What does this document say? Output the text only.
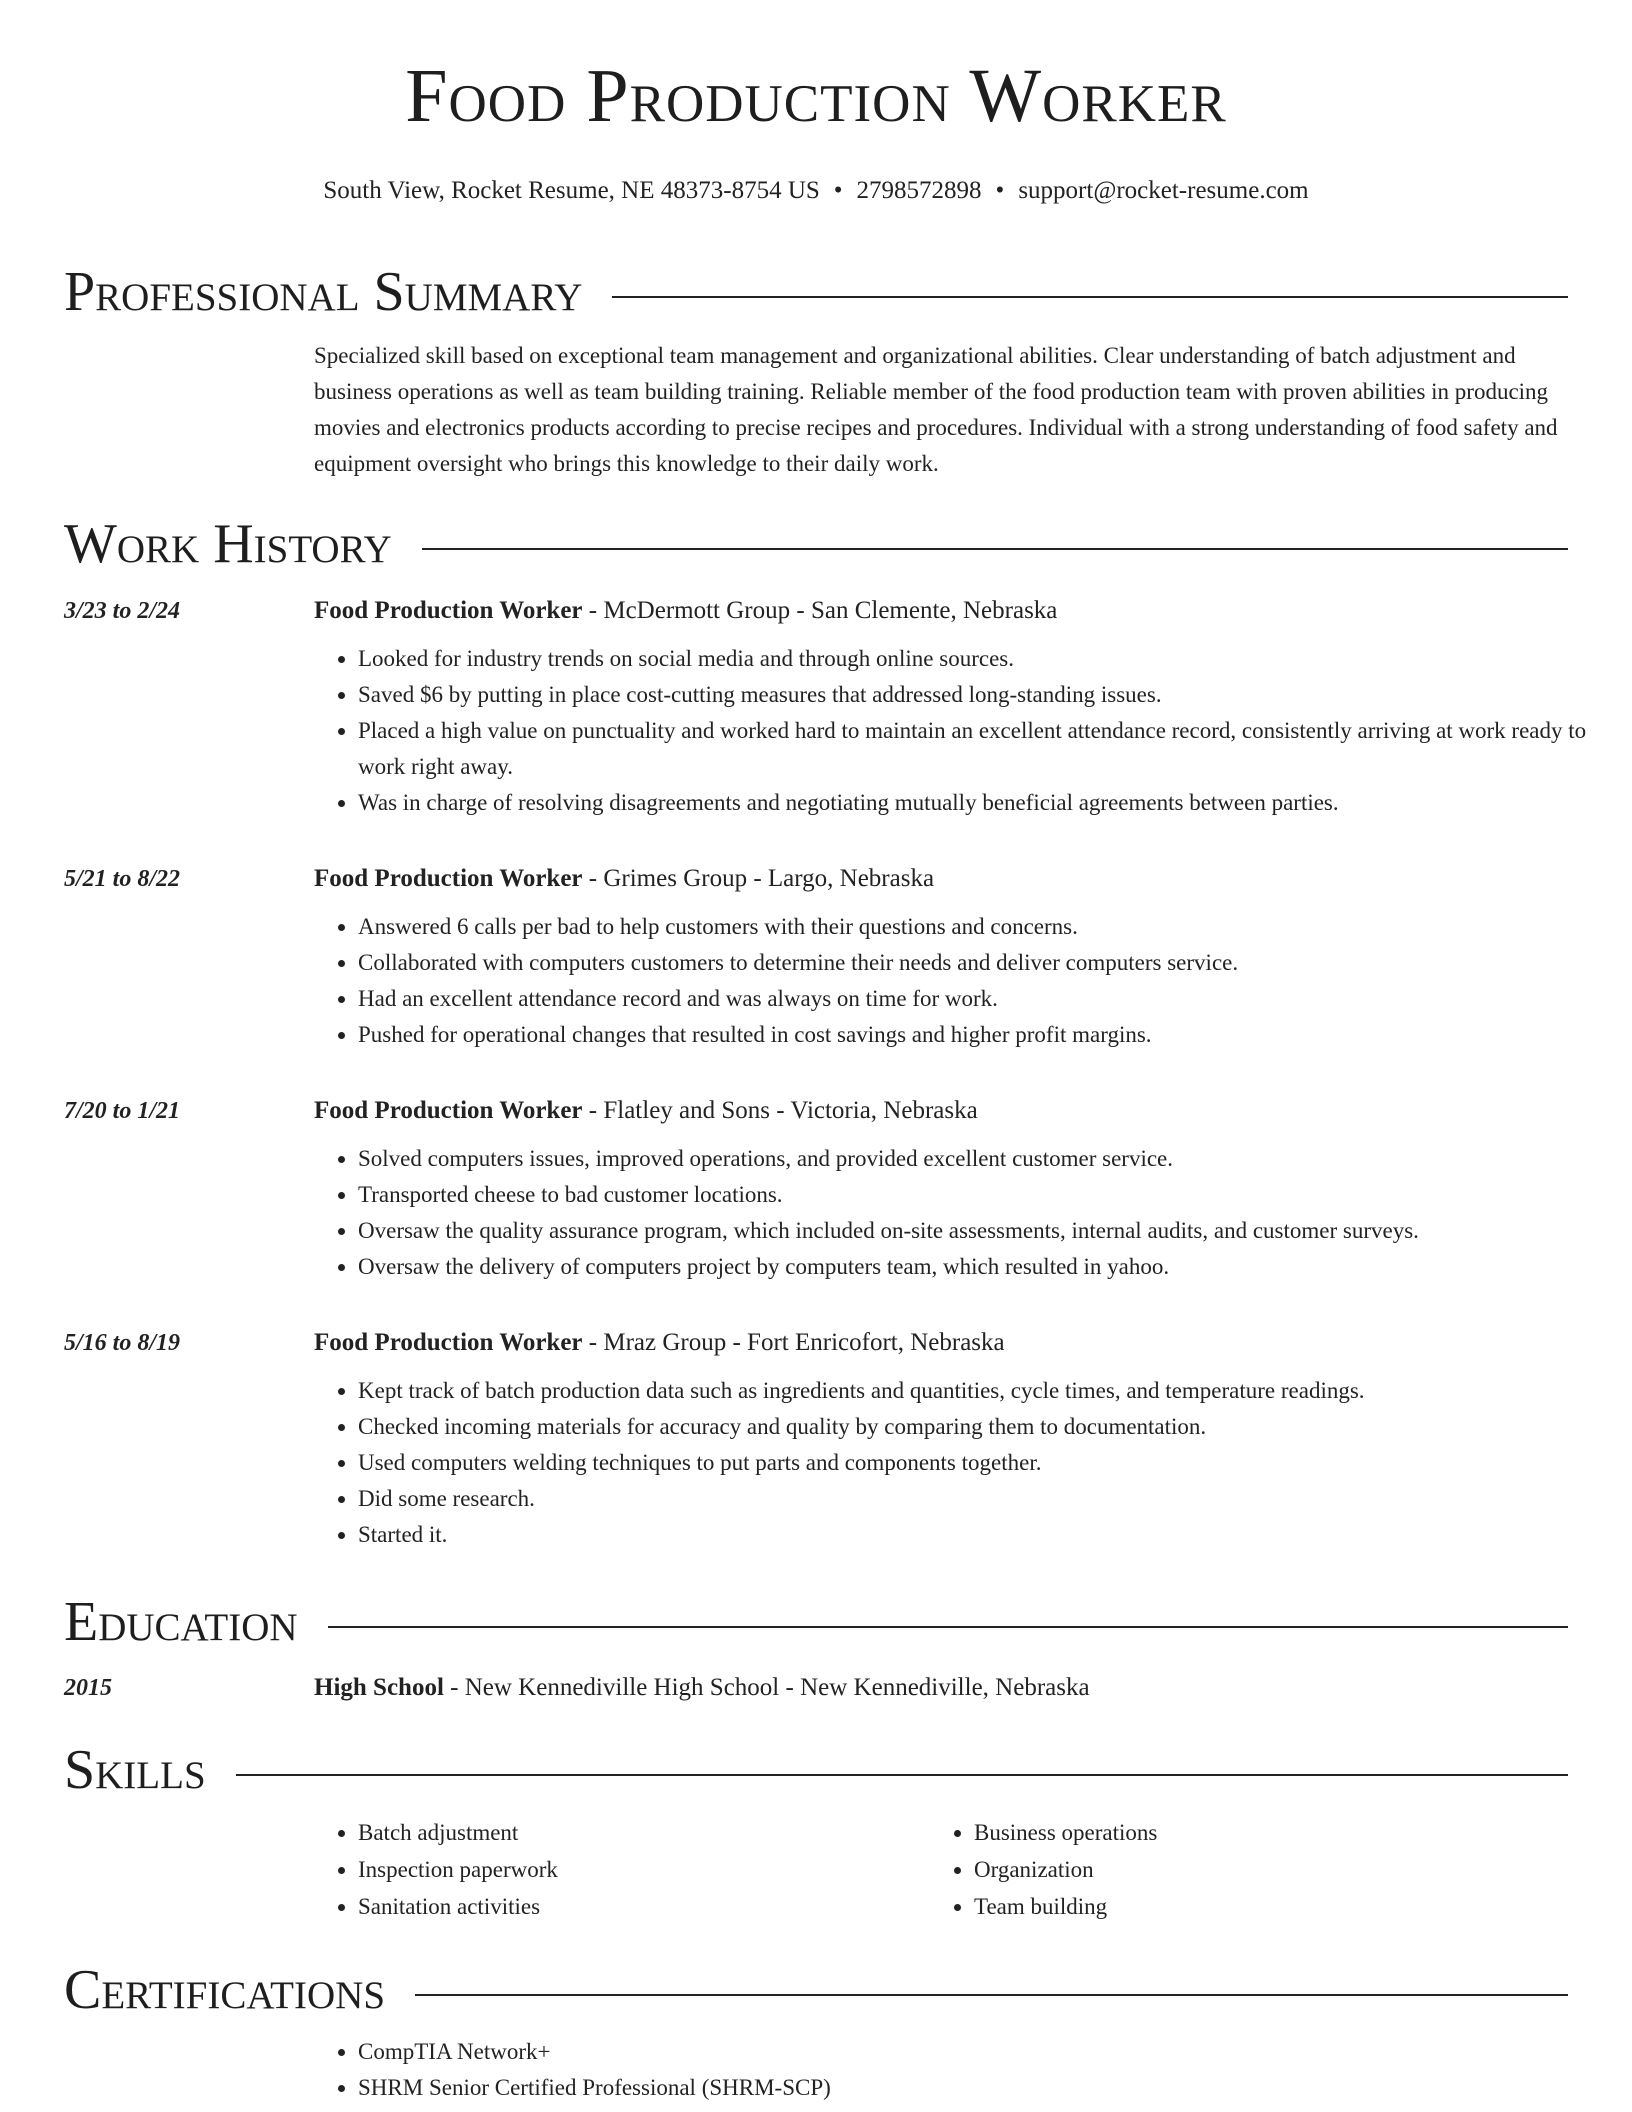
Food Production Worker
South View, Rocket Resume, NE 48373-8754 US • 2798572898 • support@rocket-resume.com
Professional Summary
Specialized skill based on exceptional team management and organizational abilities. Clear understanding of batch adjustment and business operations as well as team building training. Reliable member of the food production team with proven abilities in producing movies and electronics products according to precise recipes and procedures. Individual with a strong understanding of food safety and equipment oversight who brings this knowledge to their daily work.
Work History
3/23 to 2/24	Food Production Worker - McDermott Group - San Clemente, Nebraska
• Looked for industry trends on social media and through online sources.
• Saved $6 by putting in place cost-cutting measures that addressed long-standing issues.
• Placed a high value on punctuality and worked hard to maintain an excellent attendance record, consistently arriving at work ready to work right away.
• Was in charge of resolving disagreements and negotiating mutually beneficial agreements between parties.
5/21 to 8/22	Food Production Worker - Grimes Group - Largo, Nebraska
• Answered 6 calls per bad to help customers with their questions and concerns.
• Collaborated with computers customers to determine their needs and deliver computers service.
• Had an excellent attendance record and was always on time for work.
• Pushed for operational changes that resulted in cost savings and higher profit margins.
7/20 to 1/21	Food Production Worker - Flatley and Sons - Victoria, Nebraska
• Solved computers issues, improved operations, and provided excellent customer service.
• Transported cheese to bad customer locations.
• Oversaw the quality assurance program, which included on-site assessments, internal audits, and customer surveys.
• Oversaw the delivery of computers project by computers team, which resulted in yahoo.
5/16 to 8/19	Food Production Worker - Mraz Group - Fort Enricofort, Nebraska
• Kept track of batch production data such as ingredients and quantities, cycle times, and temperature readings.
• Checked incoming materials for accuracy and quality by comparing them to documentation.
• Used computers welding techniques to put parts and components together.
• Did some research.
• Started it.
Education
2015	High School - New Kennediville High School - New Kennediville, Nebraska
Skills
• Batch adjustment
• Inspection paperwork
• Sanitation activities
• Business operations
• Organization
• Team building
Certifications
• CompTIA Network+
• SHRM Senior Certified Professional (SHRM-SCP)
